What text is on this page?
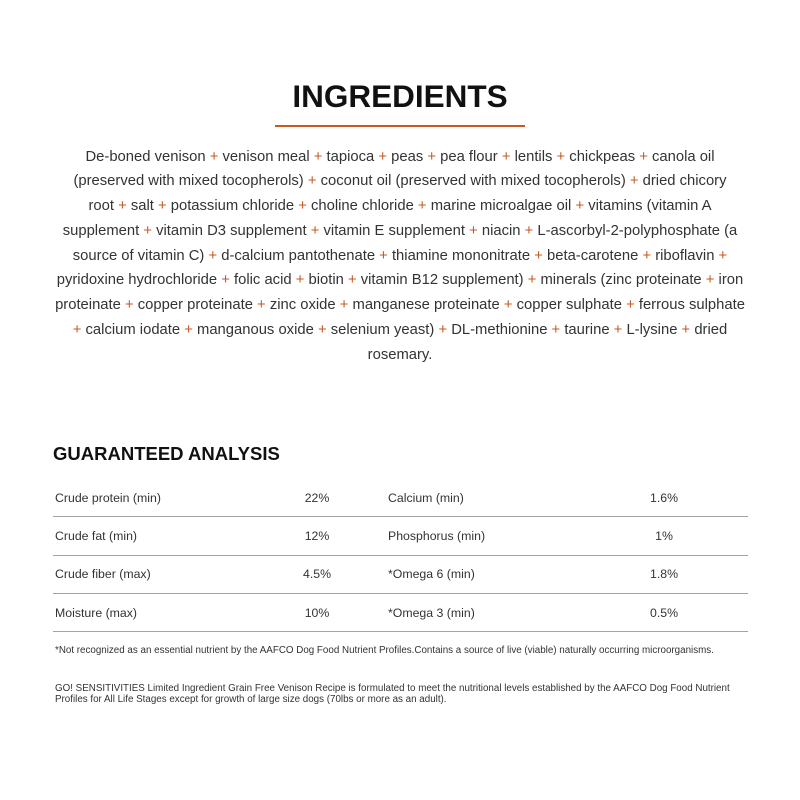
INGREDIENTS
De-boned venison + venison meal + tapioca + peas + pea flour + lentils + chickpeas + canola oil
(preserved with mixed tocopherols) + coconut oil (preserved with mixed tocopherols) + dried chicory
root + salt + potassium chloride + choline chloride + marine microalgae oil + vitamins (vitamin A
supplement + vitamin D3 supplement + vitamin E supplement + niacin + L-ascorbyl-2-polyphosphate (a
source of vitamin C) + d-calcium pantothenate + thiamine mononitrate + beta-carotene + riboflavin +
pyridoxine hydrochloride + folic acid + biotin + vitamin B12 supplement) + minerals (zinc proteinate + iron
proteinate + copper proteinate + zinc oxide + manganese proteinate + copper sulphate + ferrous sulphate
+ calcium iodate + manganous oxide + selenium yeast) + DL-methionine + taurine + L-lysine + dried
rosemary.
GUARANTEED ANALYSIS
Crude protein (min)	22%	Calcium (min)	1.6%
Crude fat (min)	12%	Phosphorus (min)	1%
Crude fiber (max)	4.5%	*Omega 6 (min)	1.8%
Moisture (max)	10%	*Omega 3 (min)	0.5%
*Not recognized as an essential nutrient by the AAFCO Dog Food Nutrient Profiles.Contains a source of live (viable) naturally occurring microorganisms.
GO! SENSITIVITIES Limited Ingredient Grain Free Venison Recipe is formulated to meet the nutritional levels established by the AAFCO Dog Food Nutrient Profiles for All Life Stages except for growth of large size dogs (70lbs or more as an adult).
